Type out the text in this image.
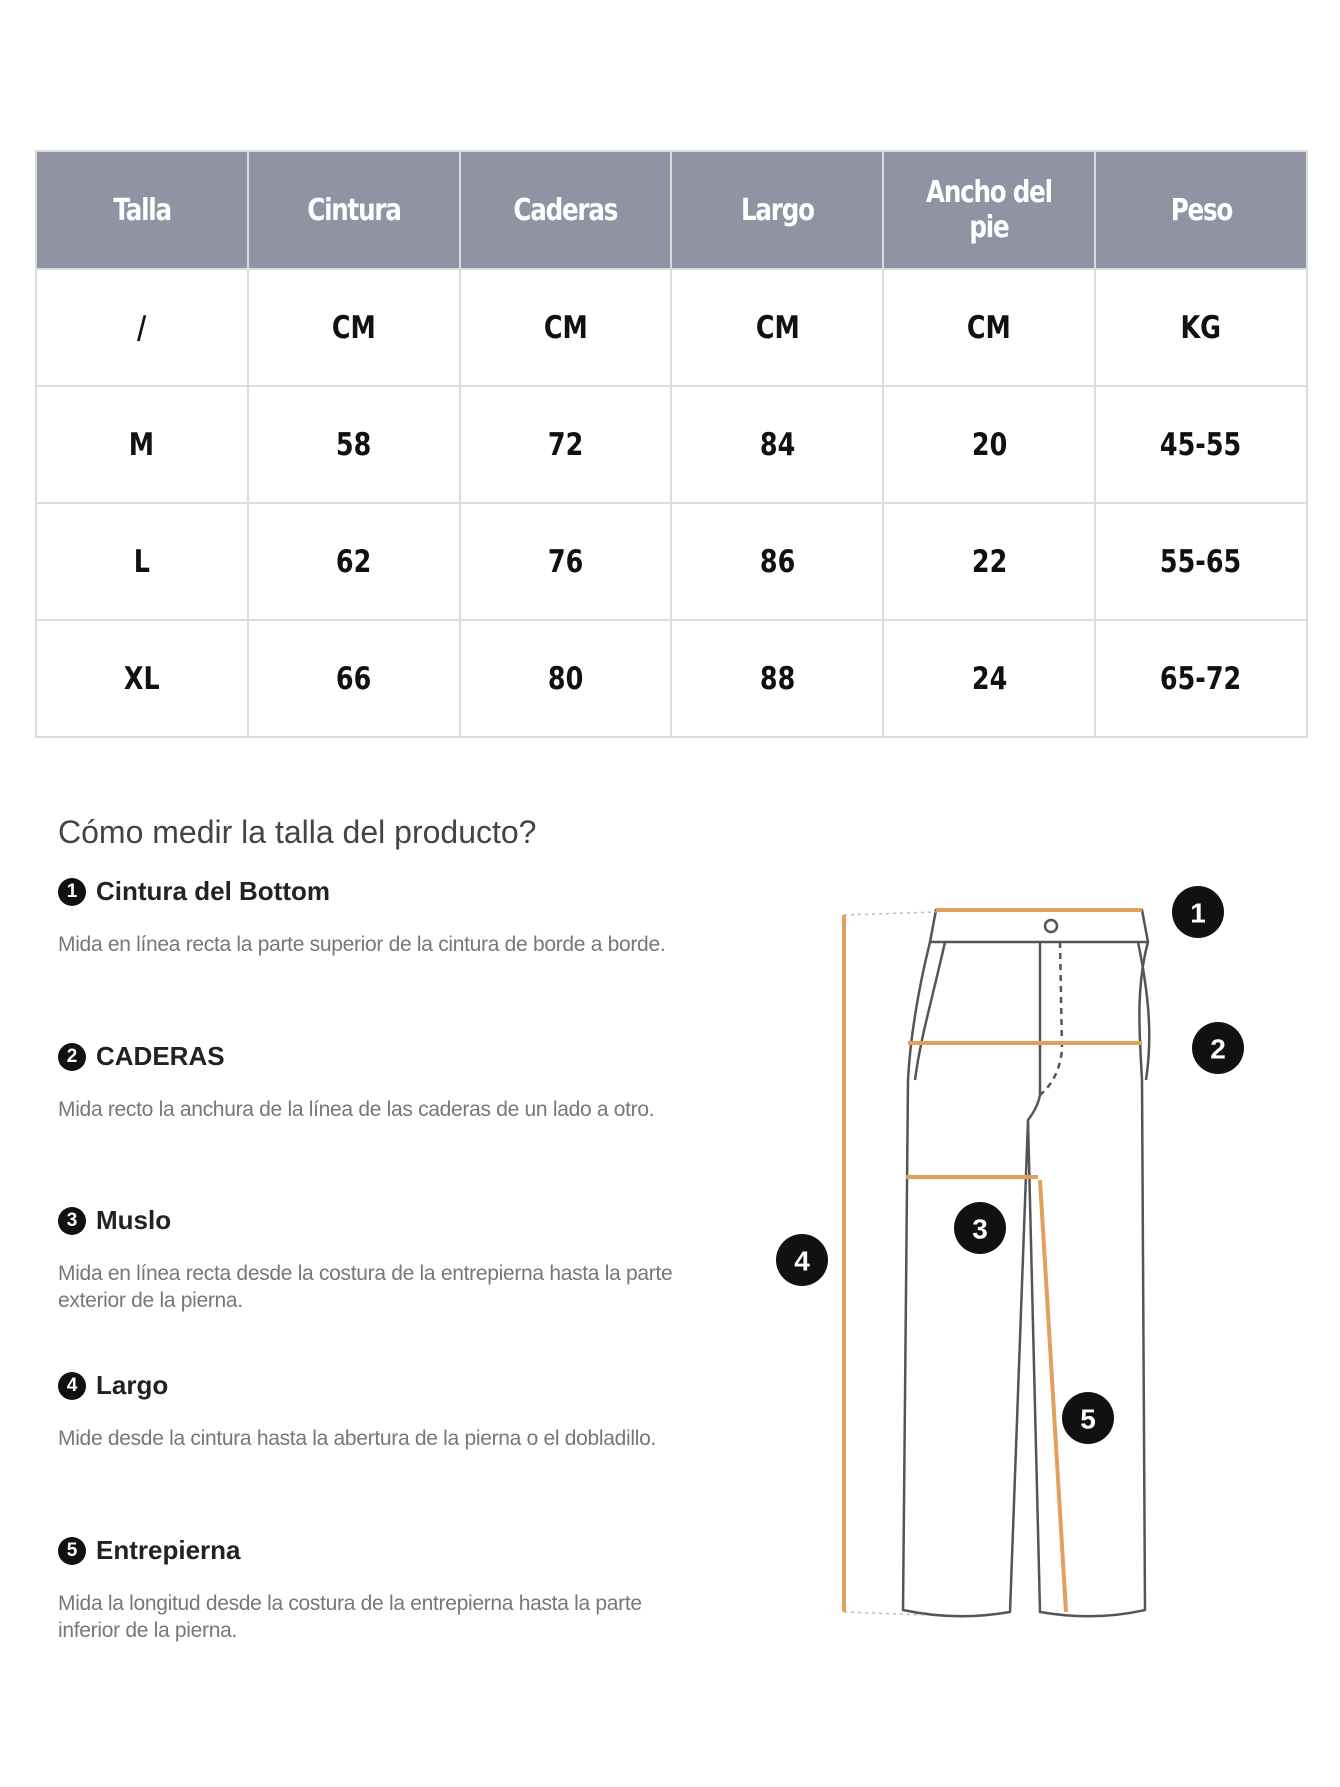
Talla	Cintura	Caderas	Largo	Ancho del pie	Peso
/	CM	CM	CM	CM	KG
M	58	72	84	20	45-55
L	62	76	86	22	55-65
XL	66	80	88	24	65-72
Cómo medir la talla del producto?
1 Cintura del Bottom
Mida en línea recta la parte superior de la cintura de borde a borde.
2 CADERAS
Mida recto la anchura de la línea de las caderas de un lado a otro.
3 Muslo
Mida en línea recta desde la costura de la entrepierna hasta la parte exterior de la pierna.
4 Largo
Mide desde la cintura hasta la abertura de la pierna o el dobladillo.
5 Entrepierna
Mida la longitud desde la costura de la entrepierna hasta la parte inferior de la pierna.
1
2
3
4
5
